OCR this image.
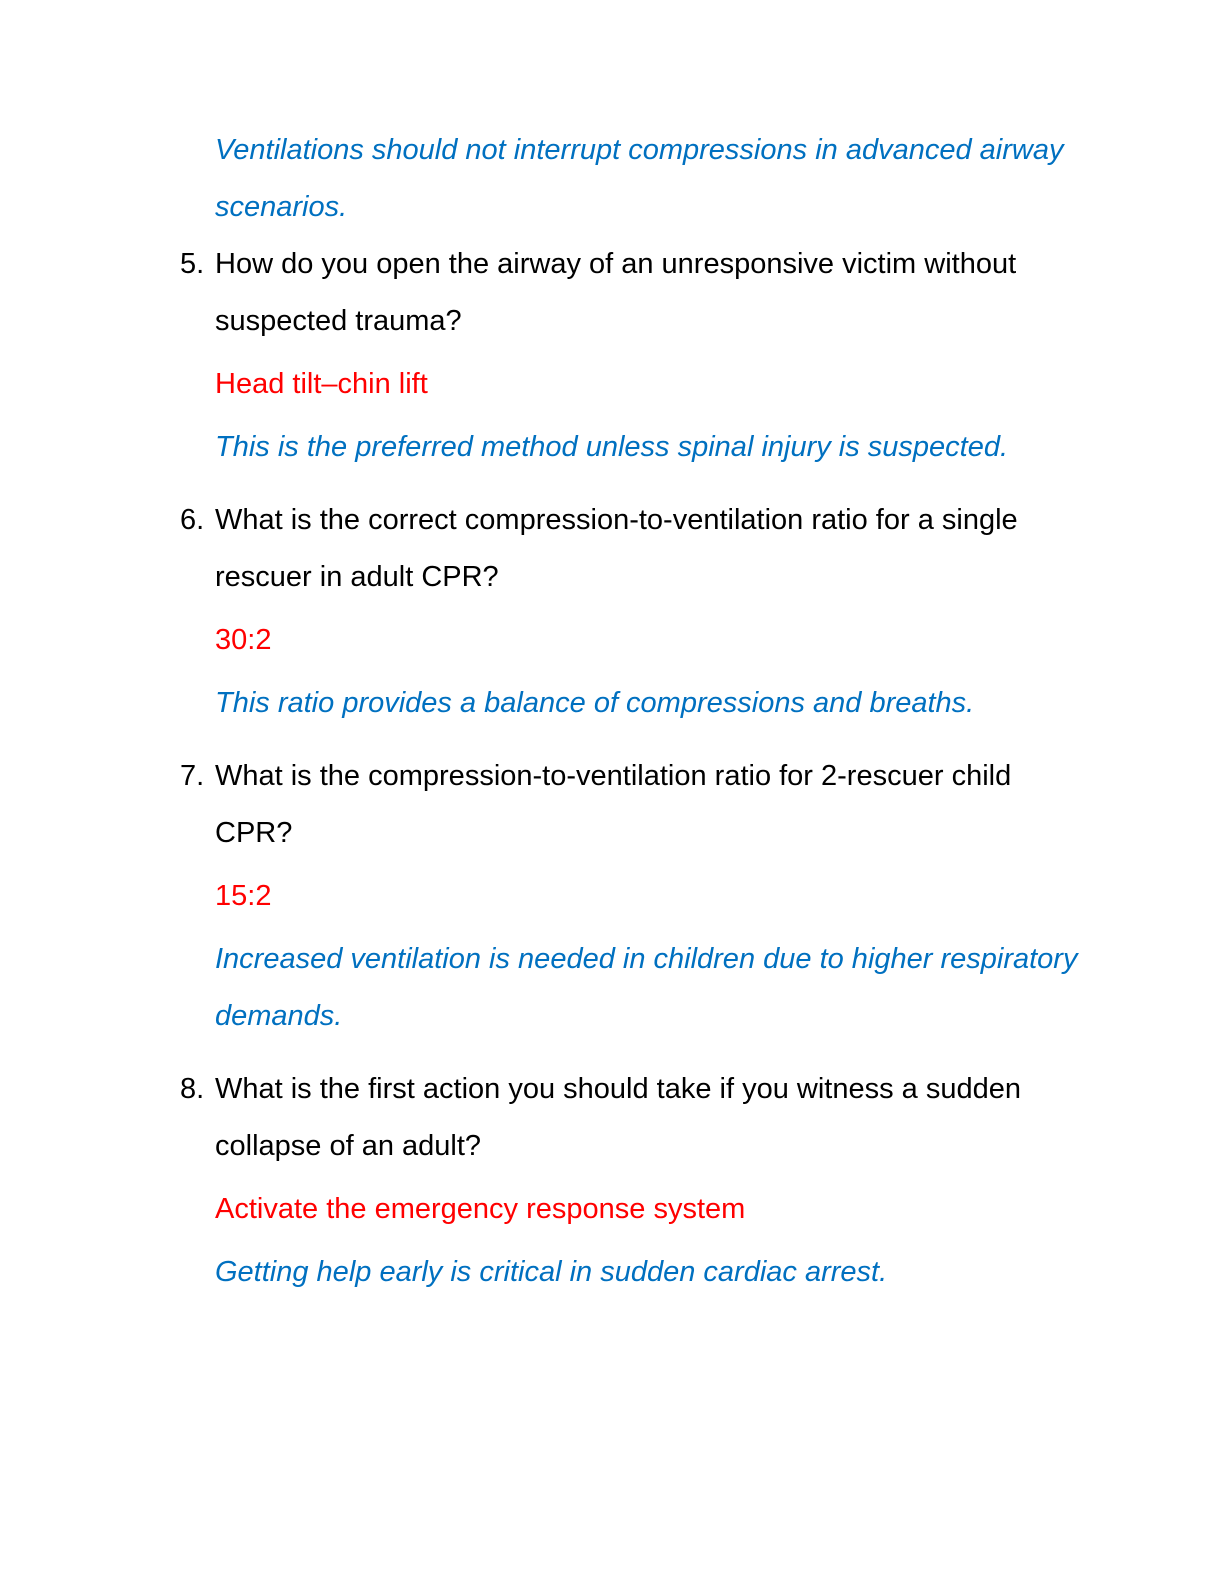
Ventilations should not interrupt compressions in advanced airway scenarios.

5. How do you open the airway of an unresponsive victim without suspected trauma?

Head tilt–chin lift

This is the preferred method unless spinal injury is suspected.

6. What is the correct compression-to-ventilation ratio for a single rescuer in adult CPR?

30:2

This ratio provides a balance of compressions and breaths.

7. What is the compression-to-ventilation ratio for 2-rescuer child CPR?

15:2

Increased ventilation is needed in children due to higher respiratory demands.

8. What is the first action you should take if you witness a sudden collapse of an adult?

Activate the emergency response system

Getting help early is critical in sudden cardiac arrest.
